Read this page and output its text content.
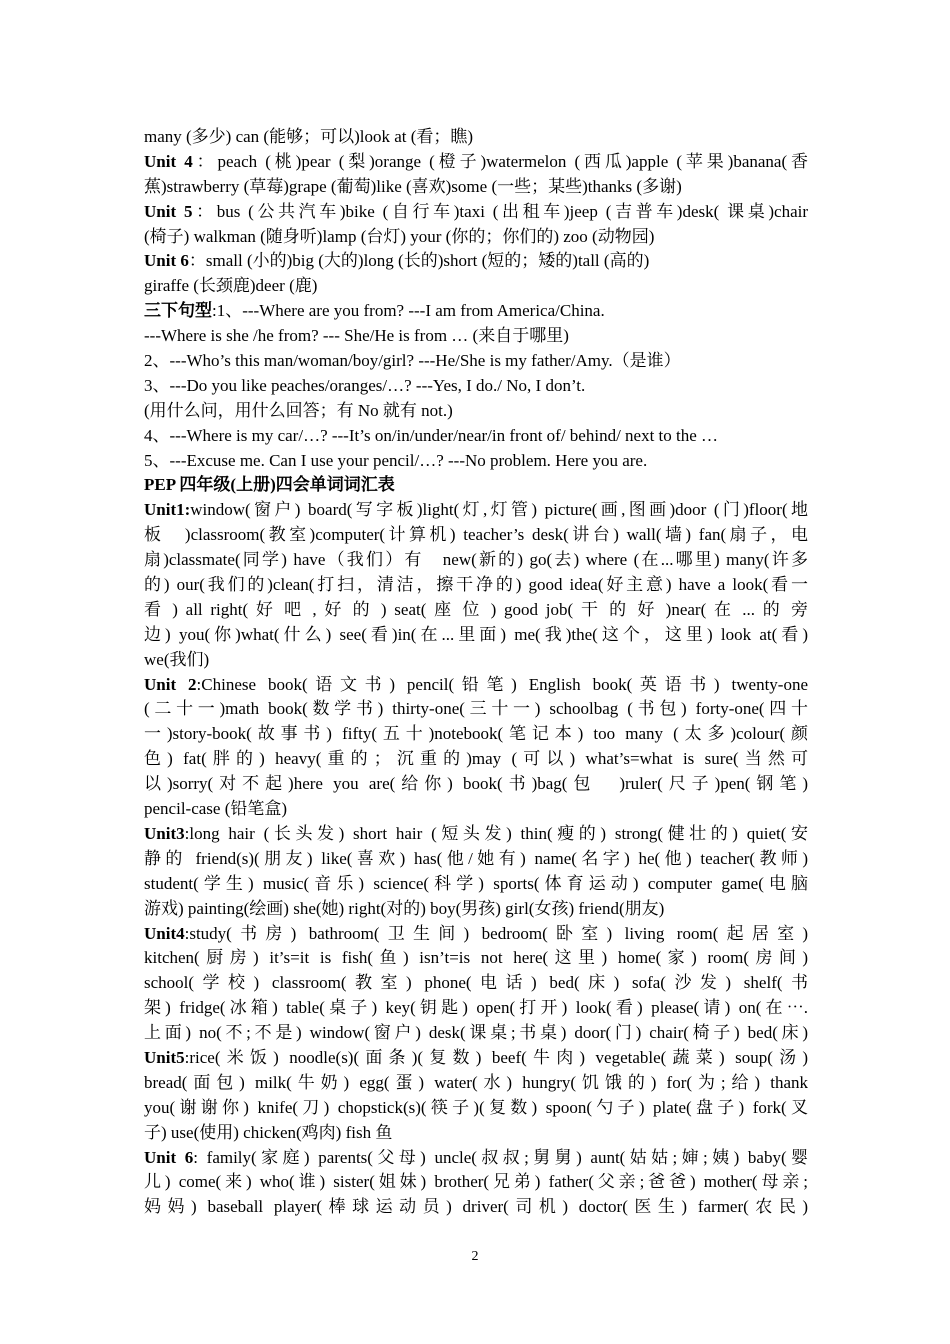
many (多少) can (能够；可以)look at (看；瞧)
Unit 4：peach (桃)pear (梨)orange (橙子)watermelon (西瓜)apple (苹果)banana(香
蕉)strawberry (草莓)grape (葡萄)like (喜欢)some (一些；某些)thanks (多谢)
Unit 5：bus (公共汽车)bike (自行车)taxi (出租车)jeep (吉普车)desk( 课桌)chair
(椅子) walkman (随身听)lamp (台灯) your (你的；你们的) zoo (动物园)
Unit 6：small (小的)big (大的)long (长的)short (短的；矮的)tall (高的)
giraffe (长颈鹿)deer (鹿)
三下句型:1、---Where are you from? ---I am from America/China.
---Where is she /he from? --- She/He is from … (来自于哪里)
2、---Who’s this man/woman/boy/girl? ---He/She is my father/Amy.（是谁）
3、---Do you like peaches/oranges/…? ---Yes, I do./ No, I don’t.
(用什么问，用什么回答；有 No 就有 not.)
4、---Where is my car/…? ---It’s on/in/under/near/in front of/ behind/ next to the …
5、---Excuse me. Can I use your pencil/…? ---No problem. Here you are.
PEP 四年级(上册)四会单词词汇表
Unit1:window(窗户) board(写字板)light(灯,灯管) picture(画,图画)door (门)floor(地
板　)classroom(教室)computer(计算机) teacher’s desk(讲台) wall(墙) fan(扇子，电
扇)classmate(同学) have（我们）有　new(新的) go(去) where (在...哪里) many(许多
的) our(我们的)clean(打扫，清洁，擦干净的) good idea(好主意) have a look(看一
看 ) all right( 好 吧 , 好 的 ) seat( 座 位 ) good job( 干 的 好 )near( 在 ... 的 旁
边) you(你)what(什么) see(看)in(在...里面) me(我)the(这个，这里) look at(看)
we(我们)
Unit 2:Chinese book(语文书) pencil(铅笔) English book(英语书) twenty-one
(二十一)math book(数学书) thirty-one(三十一) schoolbag (书包) forty-one(四十
一)story-book(故事书) fifty(五十)notebook(笔记本) too many (太多)colour(颜
色) fat(胖的) heavy(重的；沉重的)may (可以) what’s=what is sure(当然可
以)sorry(对不起)here you are(给你) book(书)bag(包　)ruler(尺子)pen(钢笔)
pencil-case (铅笔盒)
Unit3:long hair (长头发) short hair (短头发) thin(瘦的) strong(健壮的) quiet(安
静的 friend(s)(朋友) like(喜欢) has(他/她有) name(名字) he(他) teacher(教师)
student(学生) music(音乐) science(科学) sports(体育运动) computer game(电脑
游戏) painting(绘画) she(她) right(对的) boy(男孩) girl(女孩) friend(朋友)
Unit4:study(书房) bathroom(卫生间) bedroom(卧室) living room(起居室)
kitchen(厨房) it’s=it is fish(鱼) isn’t=is not here(这里) home(家) room(房间)
school(学校) classroom(教室) phone(电话) bed(床) sofa(沙发) shelf(书
架) fridge(冰箱) table(桌子) key(钥匙) open(打开) look(看) please(请) on(在⋯.
上面) no(不;不是) window(窗户) desk(课桌;书桌) door(门) chair(椅子) bed(床)
Unit5:rice(米饭) noodle(s)(面条)(复数) beef(牛肉) vegetable(蔬菜) soup(汤)
bread(面包) milk(牛奶) egg(蛋) water(水) hungry(饥饿的) for(为;给) thank
you(谢谢你) knife(刀) chopstick(s)(筷子)(复数) spoon(勺子) plate(盘子) fork(叉
子) use(使用) chicken(鸡肉) fish 鱼
Unit 6: family(家庭) parents(父母) uncle(叔叔;舅舅) aunt(姑姑;婶;姨) baby(婴
儿) come(来) who(谁) sister(姐妹) brother(兄弟) father(父亲;爸爸) mother(母亲;
妈妈) baseball player(棒球运动员) driver(司机) doctor(医生) farmer(农民)
2
